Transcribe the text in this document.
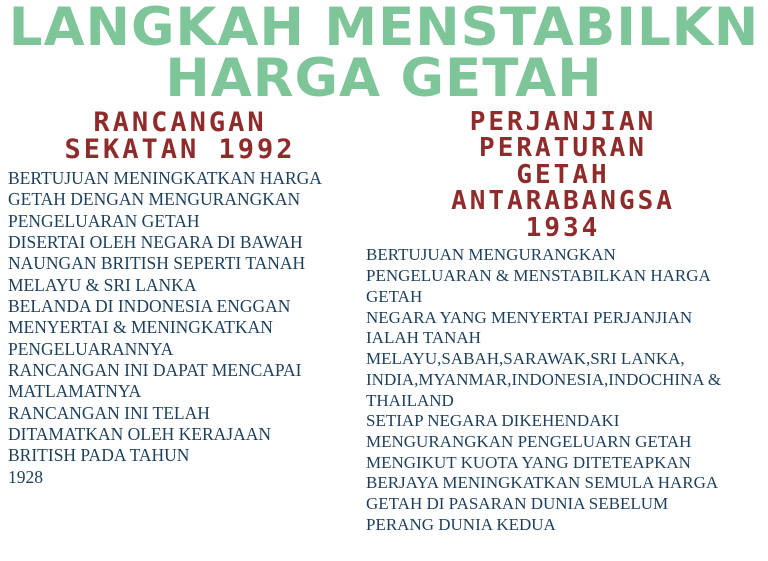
LANGKAH MENSTABILKN
HARGA GETAH
RANCANGAN
SEKATAN 1992
BERTUJUAN MENINGKATKAN HARGA
GETAH DENGAN MENGURANGKAN
PENGELUARAN GETAH
DISERTAI OLEH NEGARA DI BAWAH
NAUNGAN BRITISH SEPERTI TANAH
MELAYU & SRI LANKA
BELANDA DI INDONESIA ENGGAN
MENYERTAI & MENINGKATKAN
PENGELUARANNYA
RANCANGAN INI DAPAT MENCAPAI
MATLAMATNYA
RANCANGAN INI TELAH
DITAMATKAN OLEH KERAJAAN
BRITISH PADA TAHUN
1928
PERJANJIAN
PERATURAN
GETAH
ANTARABANGSA
1934
BERTUJUAN MENGURANGKAN
PENGELUARAN & MENSTABILKAN HARGA
GETAH
NEGARA YANG MENYERTAI PERJANJIAN
IALAH TANAH
MELAYU,SABAH,SARAWAK,SRI LANKA,
INDIA,MYANMAR,INDONESIA,INDOCHINA &
THAILAND
SETIAP NEGARA DIKEHENDAKI
MENGURANGKAN PENGELUARN GETAH
MENGIKUT KUOTA YANG DITETEAPKAN
BERJAYA MENINGKATKAN SEMULA HARGA
GETAH DI PASARAN DUNIA SEBELUM
PERANG DUNIA KEDUA
